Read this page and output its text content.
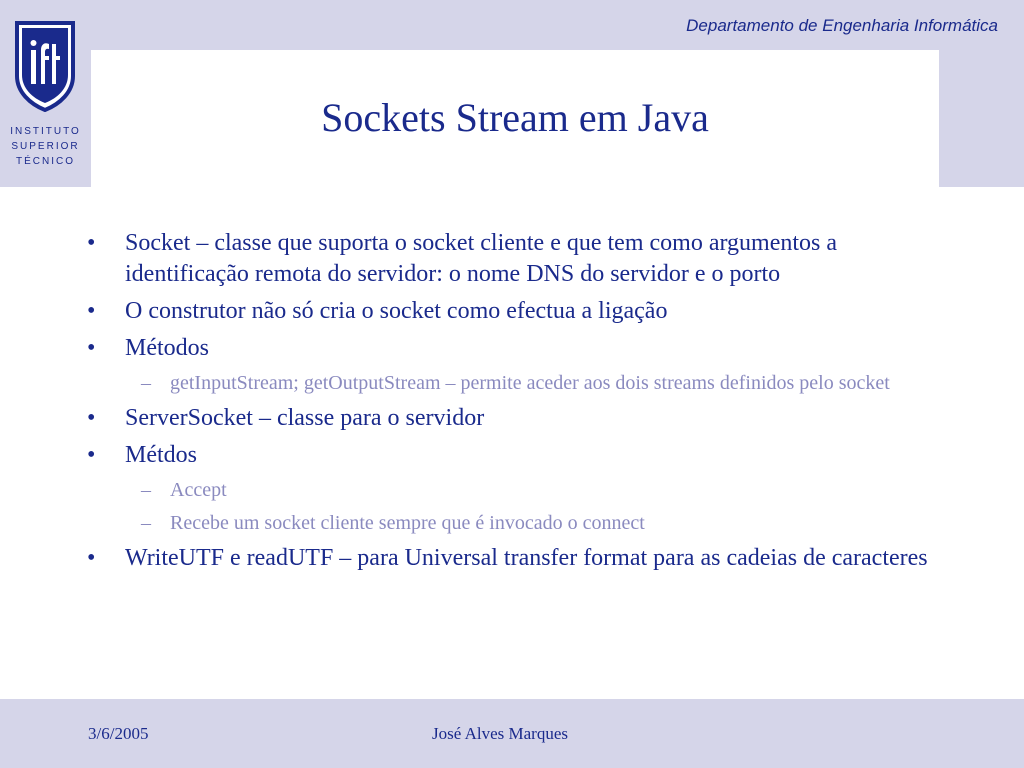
Departamento de Engenharia Informática
INSTITUTO
SUPERIOR
TÉCNICO
Sockets Stream em Java
• Socket – classe que suporta o socket cliente e que tem como argumentos a identificação remota do servidor: o nome DNS do servidor e o porto
• O construtor não só cria o socket como efectua a ligação
• Métodos
– getInputStream; getOutputStream – permite aceder aos dois streams definidos pelo socket
• ServerSocket – classe para o servidor
• Métdos
– Accept
– Recebe um socket cliente sempre que é invocado o connect
• WriteUTF e readUTF – para Universal transfer format para as cadeias de caracteres
3/6/2005	José Alves Marques
